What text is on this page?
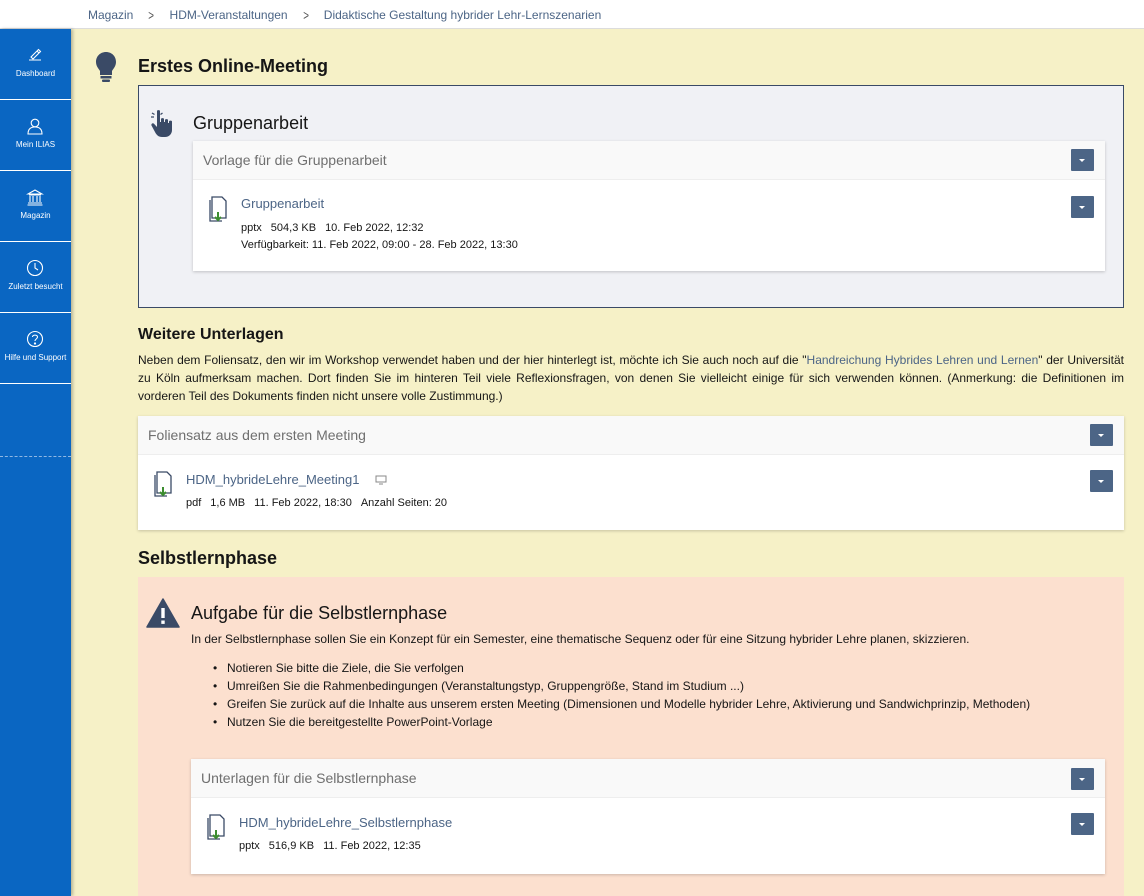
Magazin > HDM-Veranstaltungen > Didaktische Gestaltung hybrider Lehr-Lernszenarien
Dashboard
Mein ILIAS
Magazin
Zuletzt besucht
Hilfe und Support
Erstes Online-Meeting
Gruppenarbeit
Vorlage für die Gruppenarbeit
Gruppenarbeit
pptx 504,3 KB 10. Feb 2022, 12:32
Verfügbarkeit: 11. Feb 2022, 09:00 - 28. Feb 2022, 13:30
Weitere Unterlagen
Neben dem Foliensatz, den wir im Workshop verwendet haben und der hier hinterlegt ist, möchte ich Sie auch noch auf die "Handreichung Hybrides Lehren und Lernen" der Universität zu Köln aufmerksam machen. Dort finden Sie im hinteren Teil viele Reflexionsfragen, von denen Sie vielleicht einige für sich verwenden können. (Anmerkung: die Definitionen im vorderen Teil des Dokuments finden nicht unsere volle Zustimmung.)
Foliensatz aus dem ersten Meeting
HDM_hybrideLehre_Meeting1
pdf 1,6 MB 11. Feb 2022, 18:30 Anzahl Seiten: 20
Selbstlernphase
Aufgabe für die Selbstlernphase
In der Selbstlernphase sollen Sie ein Konzept für ein Semester, eine thematische Sequenz oder für eine Sitzung hybrider Lehre planen, skizzieren.
• Notieren Sie bitte die Ziele, die Sie verfolgen
• Umreißen Sie die Rahmenbedingungen (Veranstaltungstyp, Gruppengröße, Stand im Studium ...)
• Greifen Sie zurück auf die Inhalte aus unserem ersten Meeting (Dimensionen und Modelle hybrider Lehre, Aktivierung und Sandwichprinzip, Methoden)
• Nutzen Sie die bereitgestellte PowerPoint-Vorlage
Unterlagen für die Selbstlernphase
HDM_hybrideLehre_Selbstlernphase
pptx 516,9 KB 11. Feb 2022, 12:35
